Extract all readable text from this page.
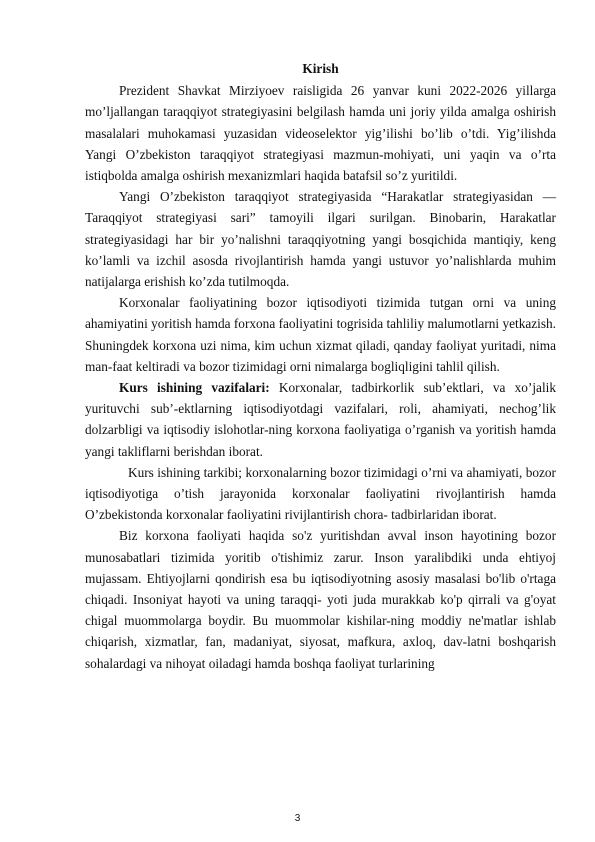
Kirish

Prezident Shavkat Mirziyoev raisligida 26 yanvar kuni 2022-2026 yillarga moʼljallangan taraqqiyot strategiyasini belgilash hamda uni joriy yilda amalga oshirish masalalari muhokamasi yuzasidan videoselektor yigʼilishi boʼlib oʼtdi. Yigʼilishda Yangi Oʼzbekiston taraqqiyot strategiyasi mazmun-mohiyati, uni yaqin va oʼrta istiqbolda amalga oshirish mexanizmlari haqida batafsil soʼz yuritildi.

Yangi Oʼzbekiston taraqqiyot strategiyasida “Harakatlar strategiyasidan — Taraqqiyot strategiyasi sari” tamoyili ilgari surilgan. Binobarin, Harakatlar strategiyasidagi har bir yoʼnalishni taraqqiyotning yangi bosqichida mantiqiy, keng koʼlamli va izchil asosda rivojlantirish hamda yangi ustuvor yoʼnalishlarda muhim natijalarga erishish koʼzda tutilmoqda.

Korxonalar faoliyatining bozor iqtisodiyoti tizimida tutgan orni va uning ahamiyatini yoritish hamda forxona faoliyatini togrisida tahliliy malumotlarni yetkazish. Shuningdek korxona uzi nima, kim uchun xizmat qiladi, qanday faoliyat yuritadi, nima man-faat keltiradi va bozor tizimidagi orni nimalarga bogliqligini tahlil qilish.

Kurs ishining vazifalari: Korxonalar, tadbirkorlik sub’ektlari, va xo’jalik yurituvchi sub’-ektlarning iqtisodiyotdagi vazifalari, roli, ahamiyati, nechog’lik dolzarbligi va iqtisodiy islohotlar-ning korxona faoliyatiga o’rganish va yoritish hamda yangi takliflarni berishdan iborat.

Kurs ishining tarkibi; korxonalarning bozor tizimidagi o’rni va ahamiyati, bozor iqtisodiyotiga o’tish jarayonida korxonalar faoliyatini rivojlantirish hamda O’zbekistonda korxonalar faoliyatini rivijlantirish chora- tadbirlaridan iborat.

Biz korxona faoliyati haqida so'z yuritishdan avval inson hayotining bozor munosabatlari tizimida yoritib o'tishimiz zarur. Inson yaralibdiki unda ehtiyoj mujassam. Ehtiyojlarni qondirish esa bu iqtisodiyotning asosiy masalasi bo'lib o'rtaga chiqadi. Insoniyat hayoti va uning taraqqi- yoti juda murakkab ko'p qirrali va g'oyat chigal muommolarga boydir. Bu muommolar kishilar-ning moddiy ne'matlar ishlab chiqarish, xizmatlar, fan, madaniyat, siyosat, mafkura, axloq, dav-latni boshqarish sohalardagi va nihoyat oiladagi hamda boshqa faoliyat turlarining

3
